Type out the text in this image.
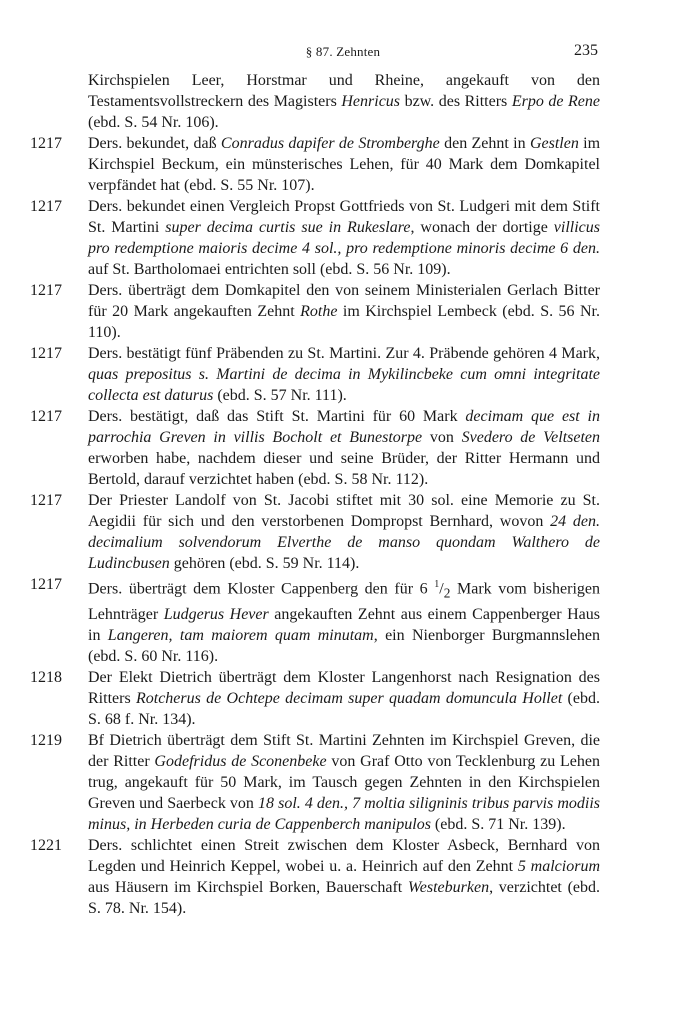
§ 87. Zehnten	235
Kirchspielen Leer, Horstmar und Rheine, angekauft von den Testamentsvollstreckern des Magisters Henricus bzw. des Ritters Erpo de Rene (ebd. S. 54 Nr. 106).
1217	Ders. bekundet, daß Conradus dapifer de Stromberghe den Zehnt in Gestlen im Kirchspiel Beckum, ein münsterisches Lehen, für 40 Mark dem Domkapitel verpfändet hat (ebd. S. 55 Nr. 107).
1217	Ders. bekundet einen Vergleich Propst Gottfrieds von St. Ludgeri mit dem Stift St. Martini super decima curtis sue in Rukeslare, wonach der dortige villicus pro redemptione maioris decime 4 sol., pro redemptione minoris decime 6 den. auf St. Bartholomaei entrichten soll (ebd. S. 56 Nr. 109).
1217	Ders. überträgt dem Domkapitel den von seinem Ministerialen Gerlach Bitter für 20 Mark angekauften Zehnt Rothe im Kirchspiel Lembeck (ebd. S. 56 Nr. 110).
1217	Ders. bestätigt fünf Präbenden zu St. Martini. Zur 4. Präbende gehören 4 Mark, quas prepositus s. Martini de decima in Mykilincbeke cum omni integritate collecta est daturus (ebd. S. 57 Nr. 111).
1217	Ders. bestätigt, daß das Stift St. Martini für 60 Mark decimam que est in parrochia Greven in villis Bocholt et Bunestorpe von Svedero de Veltseten erworben habe, nachdem dieser und seine Brüder, der Ritter Hermann und Bertold, darauf verzichtet haben (ebd. S. 58 Nr. 112).
1217	Der Priester Landolf von St. Jacobi stiftet mit 30 sol. eine Memorie zu St. Aegidii für sich und den verstorbenen Dompropst Bernhard, wovon 24 den. decimalium solvendorum Elverthe de manso quondam Walthero de Ludincbusen gehören (ebd. S. 59 Nr. 114).
1217	Ders. überträgt dem Kloster Cappenberg den für 6 $^1/_2$ Mark vom bisherigen Lehnträger Ludgerus Hever angekauften Zehnt aus einem Cappenberger Haus in Langeren, tam maiorem quam minutam, ein Nienborger Burgmannslehen (ebd. S. 60 Nr. 116).
1218	Der Elekt Dietrich überträgt dem Kloster Langenhorst nach Resignation des Ritters Rotcherus de Ochtepe decimam super quadam domuncula Hollet (ebd. S. 68 f. Nr. 134).
1219	Bf Dietrich überträgt dem Stift St. Martini Zehnten im Kirchspiel Greven, die der Ritter Godefridus de Sconenbeke von Graf Otto von Tecklenburg zu Lehen trug, angekauft für 50 Mark, im Tausch gegen Zehnten in den Kirchspielen Greven und Saerbeck von 18 sol. 4 den., 7 moltia siligninis tribus parvis modiis minus, in Herbeden curia de Cappenberch manipulos (ebd. S. 71 Nr. 139).
1221	Ders. schlichtet einen Streit zwischen dem Kloster Asbeck, Bernhard von Legden und Heinrich Keppel, wobei u. a. Heinrich auf den Zehnt 5 malciorum aus Häusern im Kirchspiel Borken, Bauerschaft Westeburken, verzichtet (ebd. S. 78. Nr. 154).
